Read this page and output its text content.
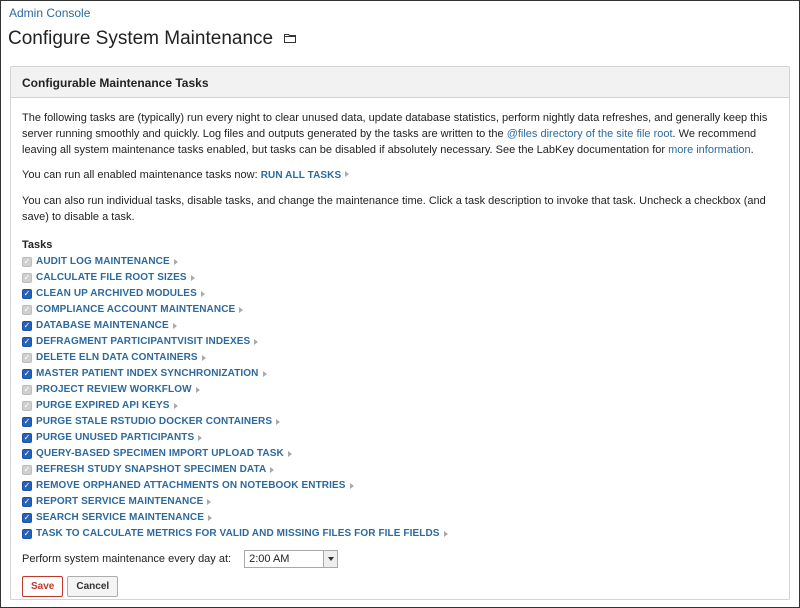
Admin Console
Configure System Maintenance
Configurable Maintenance Tasks

The following tasks are (typically) run every night to clear unused data, update database statistics, perform nightly data refreshes, and generally keep this server running smoothly and quickly. Log files and outputs generated by the tasks are written to the @files directory of the site file root. We recommend leaving all system maintenance tasks enabled, but tasks can be disabled if absolutely necessary. See the LabKey documentation for more information.

You can run all enabled maintenance tasks now: RUN ALL TASKS

You can also run individual tasks, disable tasks, and change the maintenance time. Click a task description to invoke that task. Uncheck a checkbox (and save) to disable a task.

Tasks
✓ AUDIT LOG MAINTENANCE
✓ CALCULATE FILE ROOT SIZES
✓ CLEAN UP ARCHIVED MODULES
✓ COMPLIANCE ACCOUNT MAINTENANCE
✓ DATABASE MAINTENANCE
✓ DEFRAGMENT PARTICIPANTVISIT INDEXES
✓ DELETE ELN DATA CONTAINERS
✓ MASTER PATIENT INDEX SYNCHRONIZATION
✓ PROJECT REVIEW WORKFLOW
✓ PURGE EXPIRED API KEYS
✓ PURGE STALE RSTUDIO DOCKER CONTAINERS
✓ PURGE UNUSED PARTICIPANTS
✓ QUERY-BASED SPECIMEN IMPORT UPLOAD TASK
✓ REFRESH STUDY SNAPSHOT SPECIMEN DATA
✓ REMOVE ORPHANED ATTACHMENTS ON NOTEBOOK ENTRIES
✓ REPORT SERVICE MAINTENANCE
✓ SEARCH SERVICE MAINTENANCE
✓ TASK TO CALCULATE METRICS FOR VALID AND MISSING FILES FOR FILE FIELDS
Perform system maintenance every day at: 2:00 AM
Save	Cancel
